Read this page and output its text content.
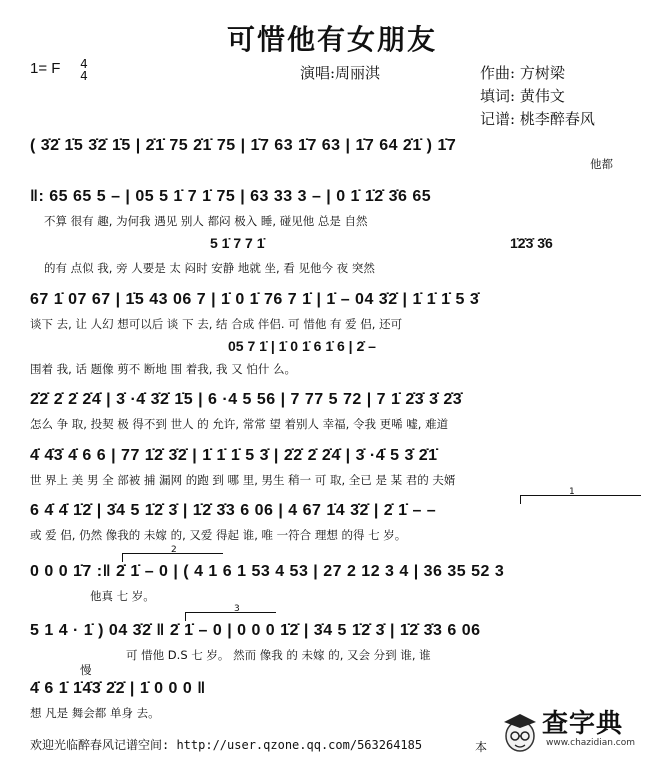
可惜他有女朋友
1= F 4
4	演唱:周丽淇	作曲: 方树梁
填词: 黄伟文
记谱: 桃李醉春风
( 3̇2̇ 1̇5 3̇2̇ 1̇5 | 2̇1̇ 75 2̇1̇ 75 | 1̇7 63 1̇7 63 | 1̇7 64 2̇1̇ ) 1̇7
他都
‖: 65 65 5 – | 05 5 1̇ 7 1̇ 75 | 63 33 3 – | 0 1̇ 1̇2̇ 3̇6 65
不算 很有 趣, 为何我 遇见 别人 都闷 极入 睡, 碰见他 总是 自然
5 1̇ 7 7 1̇	1̇2̇3̇ 3̇6
的有 点似 我, 旁 人要是 太 闷时 安静 地就 坐, 看 见他今 夜 突然
67 1̇ 07 67 | 1̇5 43 06 7 | 1̇ 0 1̇ 76 7 1̇ | 1̇ – 04 3̇2̇ | 1̇ 1̇ 1̇ 5 3̇
谈下 去, 让 人幻 想可以后 谈 下 去, 结 合成 伴侣. 可 惜他 有 爱 侣, 还可
05 7 1̇ | 1̇ 0 1̇ 6 1̇ 6 | 2̇ –
围着 我, 话 题像 剪不 断地 围 着我, 我 又 怕什 么。
2̇2̇ 2̇ 2̇ 2̇4̇ | 3̇ ·4̇ 3̇2̇ 1̇5 | 6 ·4 5 56 | 7 77 5 72 | 7 1̇ 2̇3̇ 3̇ 2̇3̇
怎么 争 取, 投契 极 得不到 世人 的 允许, 常常 望 着别人 幸福, 令我 更唏 嘘, 难道
4̇ 4̇3̇ 4̇ 6 6 | 77 1̇2̇ 3̇2̇ | 1̇ 1̇ 1̇ 5 3̇ | 2̇2̇ 2̇ 2̇4̇ | 3̇ ·4̇ 5 3̇ 2̇1̇
世 界上 美 男 全 部被 捕 漏网 的跑 到 哪 里, 男生 稍一 可 取, 全已 是 某 君的 夫婿
1
6 4̇ 4̇ 1̇2̇ | 3̇4 5 1̇2̇ 3̇ | 1̇2̇ 3̇3 6 06 | 4 67 1̇4 3̇2̇ | 2̇ 1̇ – –
或 爱 侣, 仍然 像我的 未嫁 的, 又爱 得起 谁, 唯 一符合 理想 的得 七 岁。
2
0 0 0 1̇7 :‖ 2̇ 1̇ – 0 | ( 4 1 6 1 53 4 53 | 27 2 12 3 4 | 36 35 52 3
他真 七 岁。
3
5 1 4 · 1̇ ) 04 3̇2̇ ‖ 2̇ 1̇ – 0 | 0 0 0 1̇2̇ | 3̇4 5 1̇2̇ 3̇ | 1̇2̇ 3̇3 6 06
可 惜他 D.S 七 岁。 然而 像我 的 未嫁 的, 又会 分到 谁, 谁
慢
4̇ 6 1̇ 1̇4̇3̇ 2̇2̇ | 1̇ 0 0 0 ‖
想 凡是 舞会都 单身 去。
欢迎光临醉春风记谱空间: http://user.qzone.qq.com/563264185	本
查字典
www.chazidian.com
